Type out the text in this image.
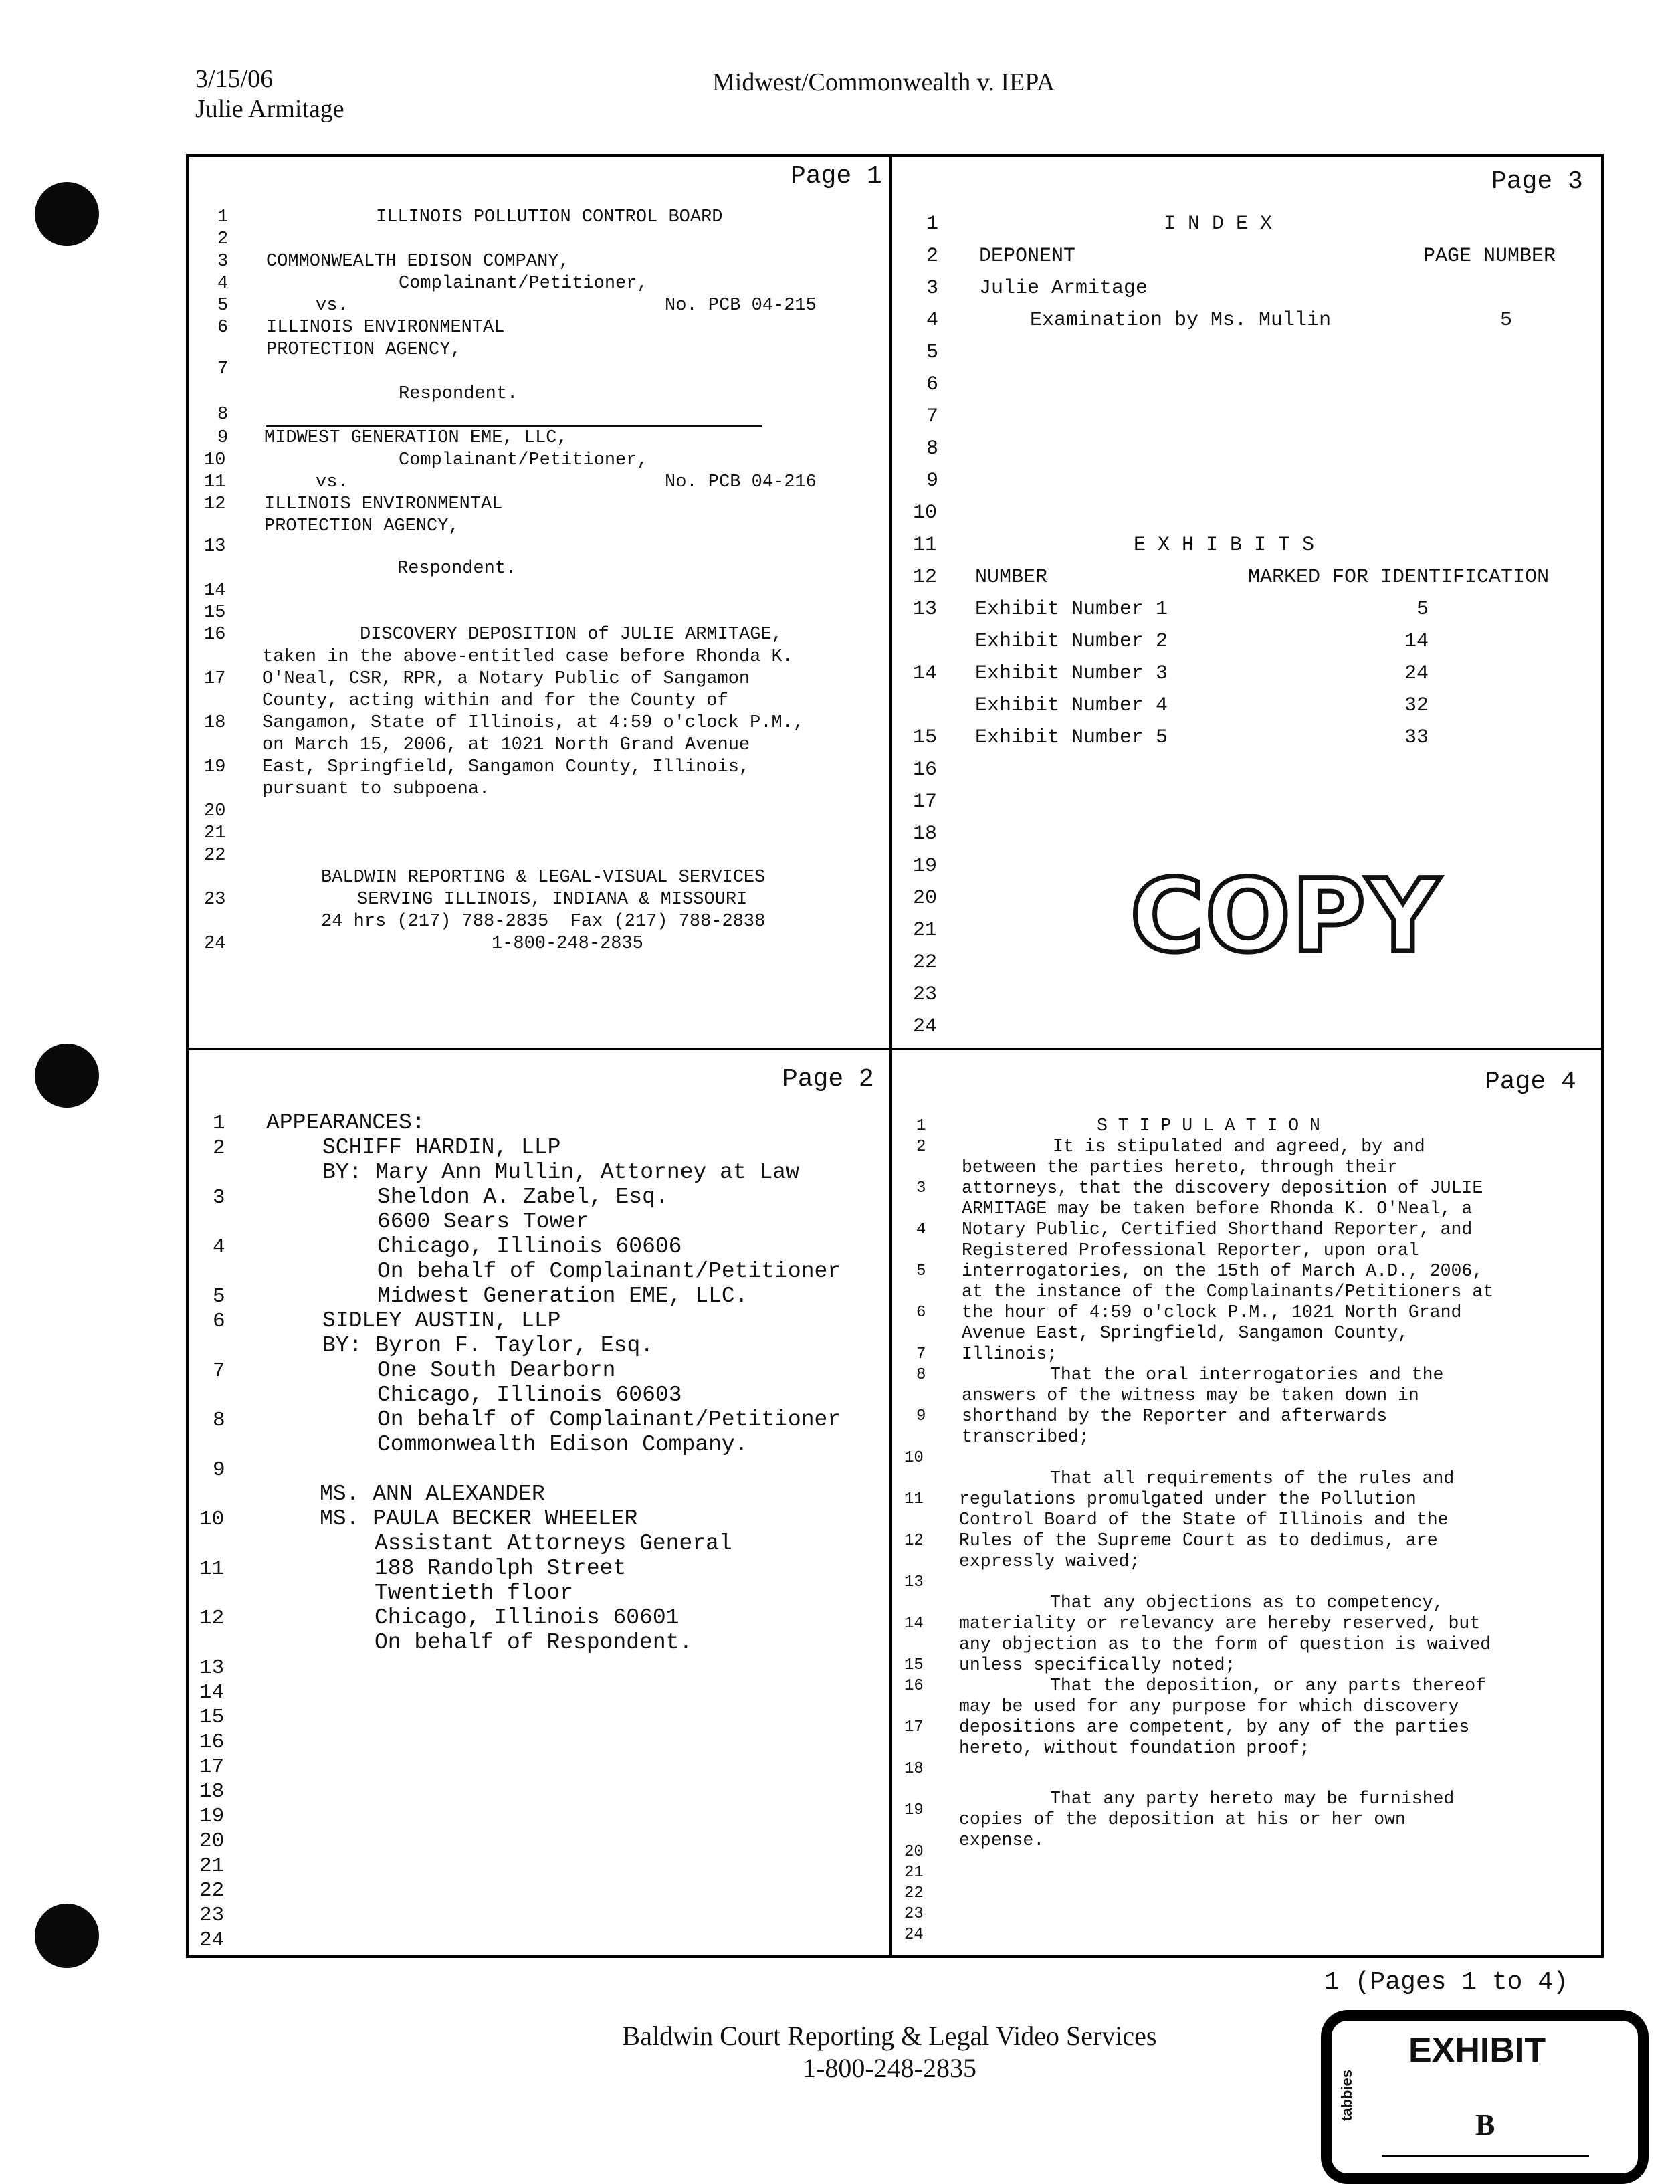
3/15/06
Julie Armitage
Midwest/Commonwealth v. IEPA
Page 1
1
2
3
4
5
6
7
8
9
10
11
12
13
14
15
16
17
18
19
20
21
22
23
24
ILLINOIS POLLUTION CONTROL BOARD
COMMONWEALTH EDISON COMPANY,
Complainant/Petitioner,
vs.	No. PCB 04-215
ILLINOIS ENVIRONMENTAL
PROTECTION AGENCY,
Respondent.
MIDWEST GENERATION EME, LLC,
Complainant/Petitioner,
vs.	No. PCB 04-216
ILLINOIS ENVIRONMENTAL
PROTECTION AGENCY,
Respondent.
DISCOVERY DEPOSITION of JULIE ARMITAGE,
taken in the above-entitled case before Rhonda K.
O'Neal, CSR, RPR, a Notary Public of Sangamon
County, acting within and for the County of
Sangamon, State of Illinois, at 4:59 o'clock P.M.,
on March 15, 2006, at 1021 North Grand Avenue
East, Springfield, Sangamon County, Illinois,
pursuant to subpoena.
BALDWIN REPORTING & LEGAL-VISUAL SERVICES
SERVING ILLINOIS, INDIANA & MISSOURI
24 hrs (217) 788-2835  Fax (217) 788-2838
1-800-248-2835
Page 3
1
2
3
4
5
6
7
8
9
10
11
12
13
14
15
16
17
18
19
20
21
22
23
24
I N D E X
DEPONENT	PAGE NUMBER
Julie Armitage
Examination by Ms. Mullin	5
E X H I B I T S
NUMBER	MARKED FOR IDENTIFICATION
Exhibit Number 1	5
Exhibit Number 2	14
Exhibit Number 3	24
Exhibit Number 4	32
Exhibit Number 5	33
COPY
Page 2
1
2
3
4
5
6
7
8
9
10
11
12
13
14
15
16
17
18
19
20
21
22
23
24
APPEARANCES:
SCHIFF HARDIN, LLP
BY: Mary Ann Mullin, Attorney at Law
Sheldon A. Zabel, Esq.
6600 Sears Tower
Chicago, Illinois 60606
On behalf of Complainant/Petitioner
Midwest Generation EME, LLC.
SIDLEY AUSTIN, LLP
BY: Byron F. Taylor, Esq.
One South Dearborn
Chicago, Illinois 60603
On behalf of Complainant/Petitioner
Commonwealth Edison Company.
MS. ANN ALEXANDER
MS. PAULA BECKER WHEELER
Assistant Attorneys General
188 Randolph Street
Twentieth floor
Chicago, Illinois 60601
On behalf of Respondent.
Page 4
1
2
3
4
5
6
7
8
9
10
11
12
13
14
15
16
17
18
19
20
21
22
23
24
S T I P U L A T I O N
It is stipulated and agreed, by and
between the parties hereto, through their
attorneys, that the discovery deposition of JULIE
ARMITAGE may be taken before Rhonda K. O'Neal, a
Notary Public, Certified Shorthand Reporter, and
Registered Professional Reporter, upon oral
interrogatories, on the 15th of March A.D., 2006,
at the instance of the Complainants/Petitioners at
the hour of 4:59 o'clock P.M., 1021 North Grand
Avenue East, Springfield, Sangamon County,
Illinois;
That the oral interrogatories and the
answers of the witness may be taken down in
shorthand by the Reporter and afterwards
transcribed;
That all requirements of the rules and
regulations promulgated under the Pollution
Control Board of the State of Illinois and the
Rules of the Supreme Court as to dedimus, are
expressly waived;
That any objections as to competency,
materiality or relevancy are hereby reserved, but
any objection as to the form of question is waived
unless specifically noted;
That the deposition, or any parts thereof
may be used for any purpose for which discovery
depositions are competent, by any of the parties
hereto, without foundation proof;
That any party hereto may be furnished
copies of the deposition at his or her own
expense.
1 (Pages 1 to 4)
Baldwin Court Reporting & Legal Video Services
1-800-248-2835	EXHIBIT
tabbies
B
